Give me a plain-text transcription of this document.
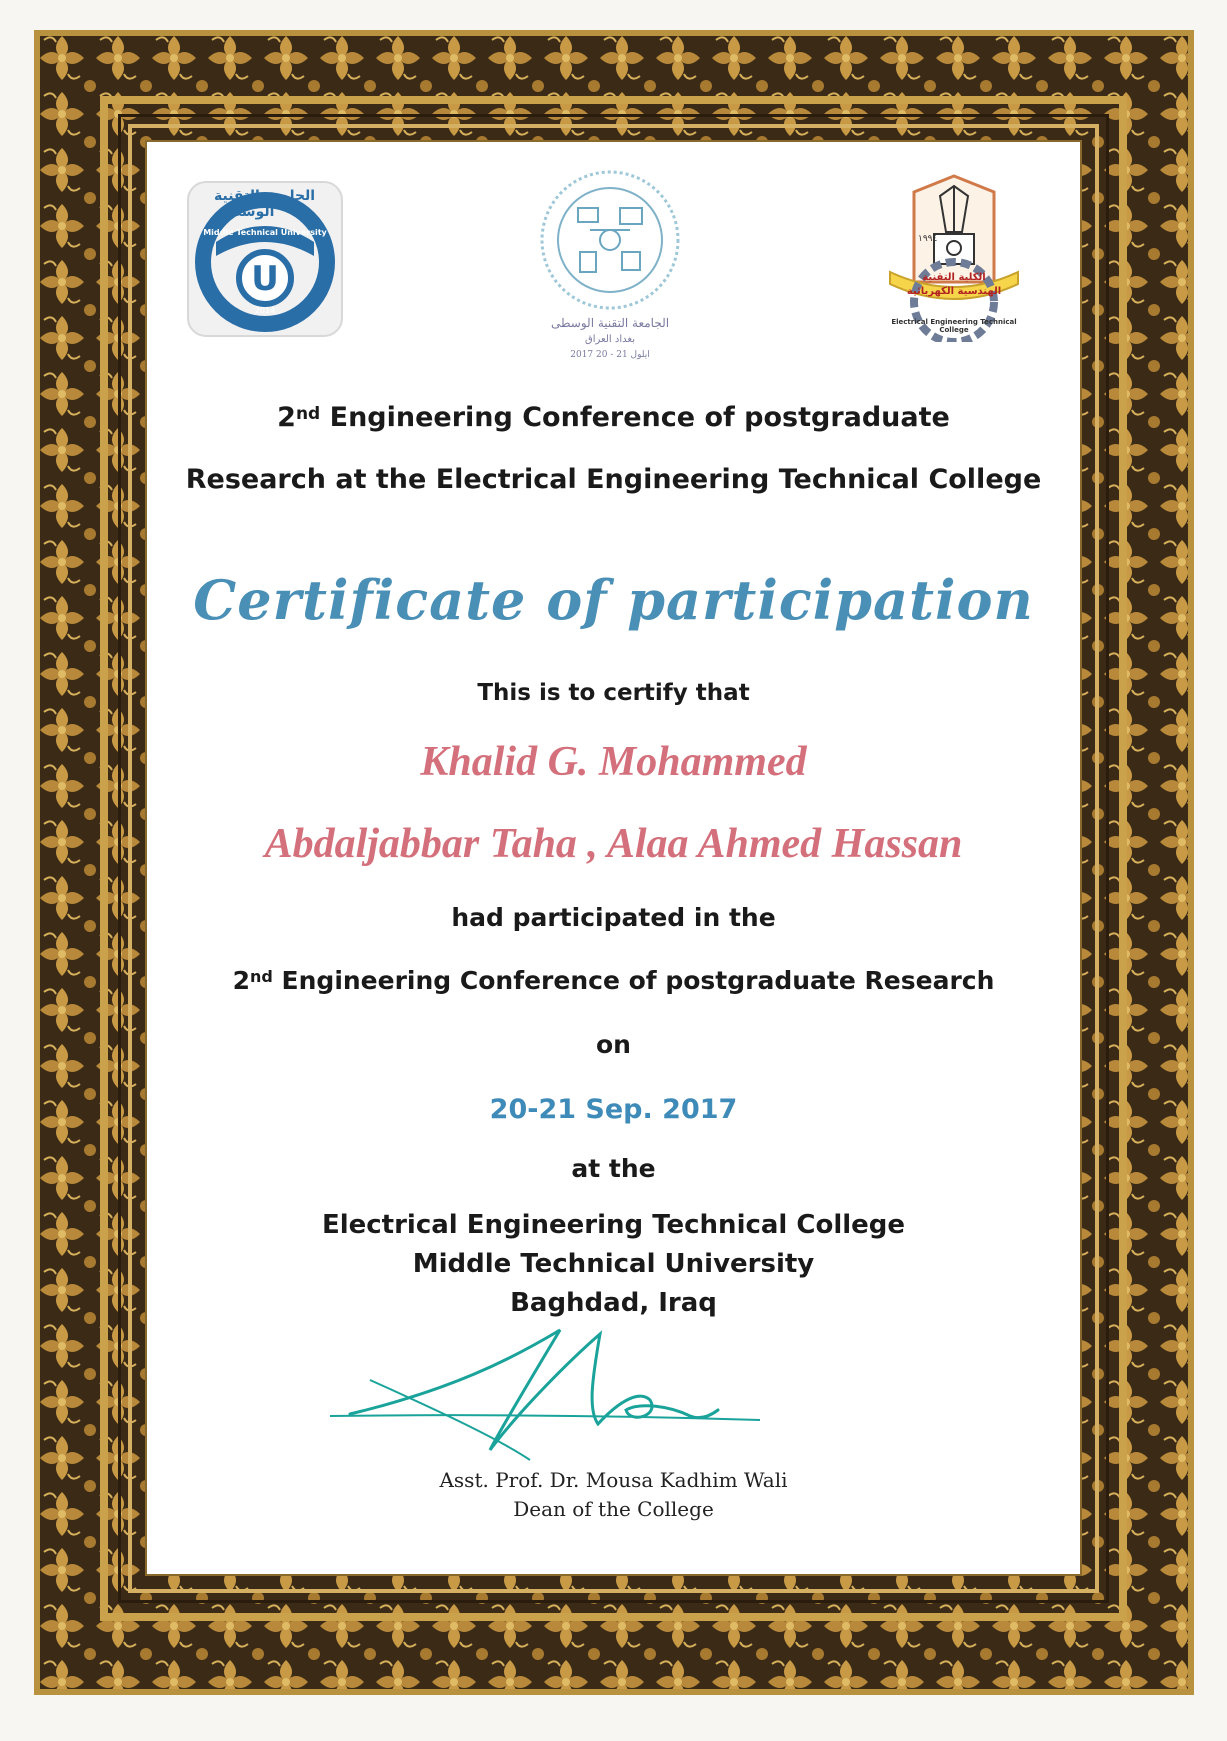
U
الجامعة التقنية الوسطى
Middle Technical University
2014
١٤٣٥	الجامعة التقنية الوسطى
بغداد العراق
2017 ايلول 21 - 20
١٩٩٤
الكلية التقنية
الهندسية الكهربائية
Electrical Engineering Technical College
2nd Engineering Conference of postgraduate
Research at the Electrical Engineering Technical College
Certificate of participation
This is to certify that
Khalid G. Mohammed
Abdaljabbar Taha , Alaa Ahmed Hassan
had participated in the
2nd Engineering Conference of postgraduate Research
on
20-21 Sep. 2017
at the
Electrical Engineering Technical College
Middle Technical University
Baghdad, Iraq
Asst. Prof. Dr. Mousa Kadhim Wali
Dean of the College
